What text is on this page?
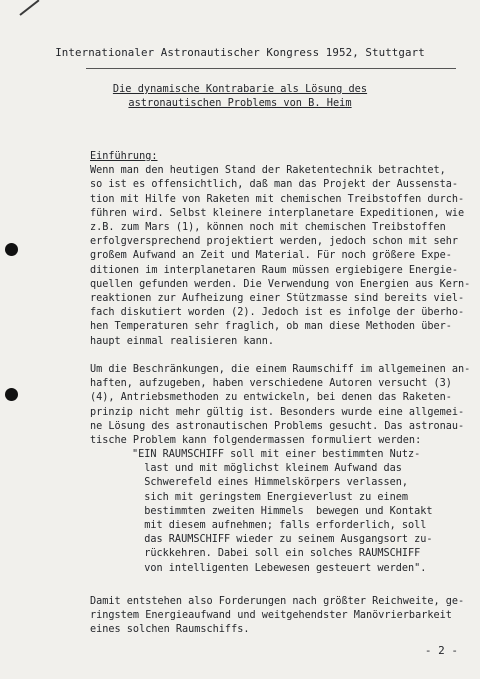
Internationaler Astronautischer Kongress 1952, Stuttgart
Die dynamische Kontrabarie als Lösung des
astronautischen Problems von B. Heim
Einführung:
Wenn man den heutigen Stand der Raketentechnik betrachtet,
so ist es offensichtlich, daß man das Projekt der Aussensta-
tion mit Hilfe von Raketen mit chemischen Treibstoffen durch-
führen wird. Selbst kleinere interplanetare Expeditionen, wie
z.B. zum Mars (1), können noch mit chemischen Treibstoffen
erfolgversprechend projektiert werden, jedoch schon mit sehr
großem Aufwand an Zeit und Material. Für noch größere Expe-
ditionen im interplanetaren Raum müssen ergiebigere Energie-
quellen gefunden werden. Die Verwendung von Energien aus Kern-
reaktionen zur Aufheizung einer Stützmasse sind bereits viel-
fach diskutiert worden (2). Jedoch ist es infolge der überho-
hen Temperaturen sehr fraglich, ob man diese Methoden über-
haupt einmal realisieren kann.

Um die Beschränkungen, die einem Raumschiff im allgemeinen an-
haften, aufzugeben, haben verschiedene Autoren versucht (3)
(4), Antriebsmethoden zu entwickeln, bei denen das Raketen-
prinzip nicht mehr gültig ist. Besonders wurde eine allgemei-
ne Lösung des astronautischen Problems gesucht. Das astronau-
tische Problem kann folgendermassen formuliert werden:
"EIN RAUMSCHIFF soll mit einer bestimmten Nutz-
last und mit möglichst kleinem Aufwand das
Schwerefeld eines Himmelskörpers verlassen,
sich mit geringstem Energieverlust zu einem
bestimmten zweiten Himmels  bewegen und Kontakt
mit diesem aufnehmen; falls erforderlich, soll
das RAUMSCHIFF wieder zu seinem Ausgangsort zu-
rückkehren. Dabei soll ein solches RAUMSCHIFF
von intelligenten Lebewesen gesteuert werden".
Damit entstehen also Forderungen nach größter Reichweite, ge-
ringstem Energieaufwand und weitgehendster Manövrierbarkeit
eines solchen Raumschiffs.
- 2 -
